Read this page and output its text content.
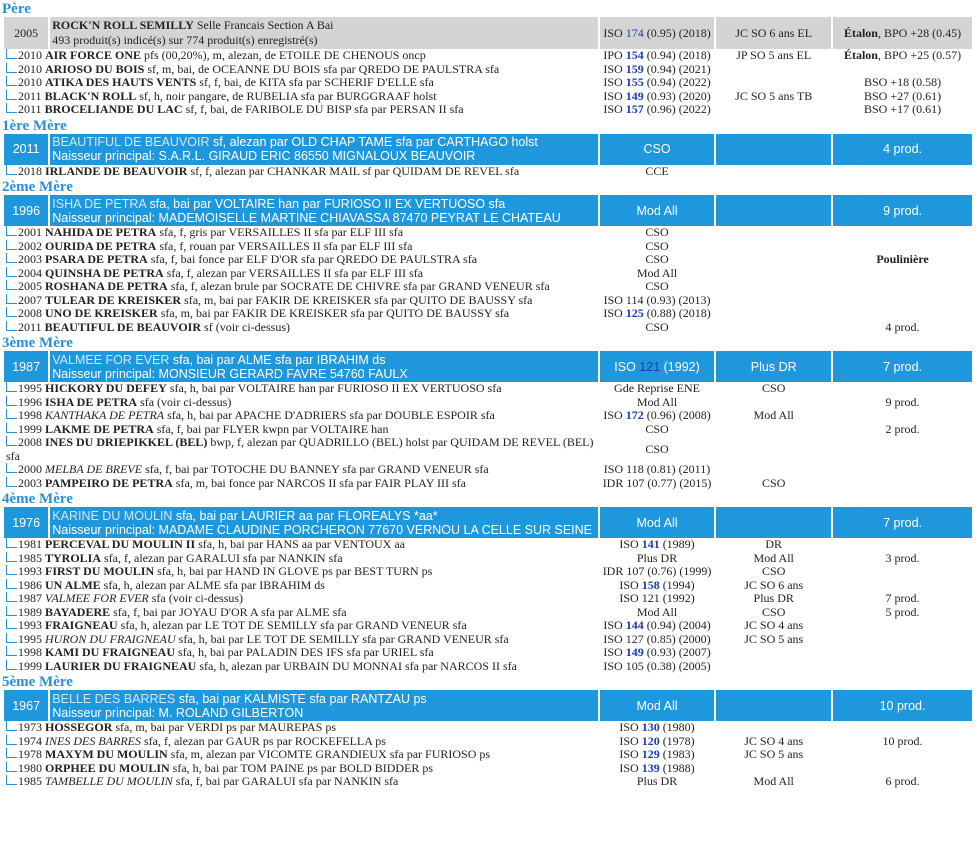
Père
2005	ROCK'N ROLL SEMILLY Selle Francais Section A Bai
493 produit(s) indicé(s) sur 774 produit(s) enregistré(s)	ISO 174 (0.95) (2018)	JC SO 6 ans EL	Étalon, BPO +28 (0.45)
2010 AIR FORCE ONE pfs (00,20%), m, alezan, de ETOILE DE CHENOUS oncp		IPO 154 (0.94) (2018)	JP SO 5 ans EL	Étalon, BPO +25 (0.57)
2010 ARIOSO DU BOIS sf, m, bai, de OCEANNE DU BOIS sfa par QREDO DE PAULSTRA sfa		ISO 159 (0.94) (2021)		
2010 ATIKA DES HAUTS VENTS sf, f, bai, de KITA sfa par SCHERIF D'ELLE sfa		ISO 155 (0.94) (2022)		BSO +18 (0.58)
2011 BLACK'N ROLL sf, h, noir pangare, de RUBELIA sfa par BURGGRAAF holst		ISO 149 (0.93) (2020)	JC SO 5 ans TB	BSO +27 (0.61)
2011 BROCELIANDE DU LAC sf, f, bai, de FARIBOLE DU BISP sfa par PERSAN II sfa		ISO 157 (0.96) (2022)		BSO +17 (0.61)
1ère Mère
2011	BEAUTIFUL DE BEAUVOIR sf, alezan par OLD CHAP TAME sfa par CARTHAGO holst
Naisseur principal: S.A.R.L. GIRAUD ERIC 86550 MIGNALOUX BEAUVOIR	CSO		4 prod.
2018 IRLANDE DE BEAUVOIR sf, f, alezan par CHANKAR MAIL sf par QUIDAM DE REVEL sfa		CCE		
2ème Mère
1996	ISHA DE PETRA sfa, bai par VOLTAIRE han par FURIOSO II EX VERTUOSO sfa
Naisseur principal: MADEMOISELLE MARTINE CHIAVASSA 87470 PEYRAT LE CHATEAU	Mod All		9 prod.
2001 NAHIDA DE PETRA sfa, f, gris par VERSAILLES II sfa par ELF III sfa		CSO		
2002 OURIDA DE PETRA sfa, f, rouan par VERSAILLES II sfa par ELF III sfa		CSO		
2003 PSARA DE PETRA sfa, f, bai fonce par ELF D'OR sfa par QREDO DE PAULSTRA sfa		CSO		Poulinière
2004 QUINSHA DE PETRA sfa, f, alezan par VERSAILLES II sfa par ELF III sfa		Mod All		
2005 ROSHANA DE PETRA sfa, f, alezan brule par SOCRATE DE CHIVRE sfa par GRAND VENEUR sfa		CSO		
2007 TULEAR DE KREISKER sfa, m, bai par FAKIR DE KREISKER sfa par QUITO DE BAUSSY sfa		ISO 114 (0.93) (2013)		
2008 UNO DE KREISKER sfa, m, bai par FAKIR DE KREISKER sfa par QUITO DE BAUSSY sfa		ISO 125 (0.88) (2018)		
2011 BEAUTIFUL DE BEAUVOIR sf (voir ci-dessus)		CSO		4 prod.
3ème Mère
1987	VALMEE FOR EVER sfa, bai par ALME sfa par IBRAHIM ds
Naisseur principal: MONSIEUR GERARD FAVRE 54760 FAULX	ISO 121 (1992)	Plus DR	7 prod.
1995 HICKORY DU DEFEY sfa, h, bai par VOLTAIRE han par FURIOSO II EX VERTUOSO sfa		Gde Reprise ENE	CSO	
1996 ISHA DE PETRA sfa (voir ci-dessus)		Mod All		9 prod.
1998 KANTHAKA DE PETRA sfa, h, bai par APACHE D'ADRIERS sfa par DOUBLE ESPOIR sfa		ISO 172 (0.96) (2008)	Mod All	
1999 LAKME DE PETRA sfa, f, bai par FLYER kwpn par VOLTAIRE han		CSO		2 prod.
2008 INES DU DRIEPIKKEL (BEL) bwp, f, alezan par QUADRILLO (BEL) holst par QUIDAM DE REVEL (BEL) sfa		CSO		
2000 MELBA DE BREVE sfa, f, bai par TOTOCHE DU BANNEY sfa par GRAND VENEUR sfa		ISO 118 (0.81) (2011)		
2003 PAMPEIRO DE PETRA sfa, m, bai fonce par NARCOS II sfa par FAIR PLAY III sfa		IDR 107 (0.77) (2015)	CSO	
4ème Mère
1976	KARINE DU MOULIN sfa, bai par LAURIER aa par FLOREALYS *aa*
Naisseur principal: MADAME CLAUDINE PORCHERON 77670 VERNOU LA CELLE SUR SEINE	Mod All		7 prod.
1981 PERCEVAL DU MOULIN II sfa, h, bai par HANS aa par VENTOUX aa		ISO 141 (1989)	DR	
1985 TYROLIA sfa, f, alezan par GARALUI sfa par NANKIN sfa		Plus DR	Mod All	3 prod.
1993 FIRST DU MOULIN sfa, h, bai par HAND IN GLOVE ps par BEST TURN ps		IDR 107 (0.76) (1999)	CSO	
1986 UN ALME sfa, h, alezan par ALME sfa par IBRAHIM ds		ISO 158 (1994)	JC SO 6 ans	
1987 VALMEE FOR EVER sfa (voir ci-dessus)		ISO 121 (1992)	Plus DR	7 prod.
1989 BAYADERE sfa, f, bai par JOYAU D'OR A sfa par ALME sfa		Mod All	CSO	5 prod.
1993 FRAIGNEAU sfa, h, alezan par LE TOT DE SEMILLY sfa par GRAND VENEUR sfa		ISO 144 (0.94) (2004)	JC SO 4 ans	
1995 HURON DU FRAIGNEAU sfa, h, bai par LE TOT DE SEMILLY sfa par GRAND VENEUR sfa		ISO 127 (0.85) (2000)	JC SO 5 ans	
1998 KAMI DU FRAIGNEAU sfa, h, bai par PALADIN DES IFS sfa par URIEL sfa		ISO 149 (0.93) (2007)		
1999 LAURIER DU FRAIGNEAU sfa, h, alezan par URBAIN DU MONNAI sfa par NARCOS II sfa		ISO 105 (0.38) (2005)		
5ème Mère
1967	BELLE DES BARRES sfa, bai par KALMISTE sfa par RANTZAU ps
Naisseur principal: M. ROLAND GILBERTON	Mod All		10 prod.
1973 HOSSEGOR sfa, m, bai par VERDI ps par MAUREPAS ps		ISO 130 (1980)		
1974 INES DES BARRES sfa, f, alezan par GAUR ps par ROCKEFELLA ps		ISO 120 (1978)	JC SO 4 ans	10 prod.
1978 MAXYM DU MOULIN sfa, m, alezan par VICOMTE GRANDIEUX sfa par FURIOSO ps		ISO 129 (1983)	JC SO 5 ans	
1980 ORPHEE DU MOULIN sfa, h, bai par TOM PAINE ps par BOLD BIDDER ps		ISO 139 (1988)		
1985 TAMBELLE DU MOULIN sfa, f, bai par GARALUI sfa par NANKIN sfa		Plus DR	Mod All	6 prod.
